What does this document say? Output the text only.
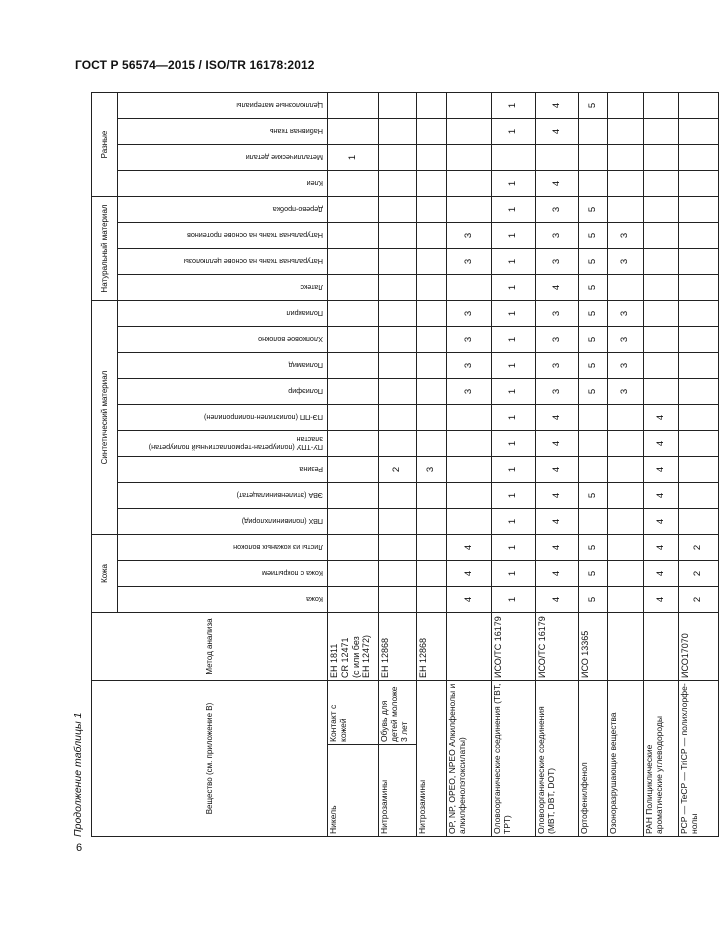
ГОСТ Р 56574—2015 / ISO/TR 16178:2012
6
Продолжение таблицы 1	Вещество (см. приложение В)		Метод анализа	Кожа			Синтетический материал									Натуральный материал				Разные			

			Кожа	Кожа с покрытием	Листы из кожаных волокон	ПВХ (поливинилхлорид)	ЭВА (этиленвинилацетат)	Резина	ПУ-ТПУ (полиуретан-термопластичный полиуретан) эластан	ПЭ-ПП (полиэтилен-полипропилен)	Полиэфир	Полиамид	Хлопковое волокно	Полиакрил	Латекс	Натуральная ткань на основе целлюлозы	Натуральная ткань на основе протеинов	Дерево-пробка	Клеи	Металлические детали	Набивная ткань	Целлюлозные материалы

Никель	Контакт с кожей	ЕН 1811
CR 12471
(с или без
ЕН 12472)																		1		
Нитрозамины	Обувь для детей моложе 3 лет	ЕН 12868						2														
Нитрозамины		ЕН 12868						3														
OP, NP, OPEO, NPEO Алкилфенолы и алкилфенолэтоксилаты)			4	4	4						3	3	3	3		3	3					
Оловоорганические соединения (TBT, TPT)		ИСО/ТС 16179	1	1	1	1	1	1	1	1	1	1	1	1	1	1	1	1	1		1	1
Оловоорганические соединения (MBT, DBT, DOT)		ИСО/ТС 16179	4	4	4	4	4	4	4	4	3	3	3	3	4	3	3	3	4		4	4
Ортофенилфенол		ИСО 13365	5	5	5		5				5	5	5	5	5	5	5	5				5
Озоноразрушающие вещества											3	3	3	3		3	3					
PAH Полициклические ароматические углеводороды			4	4	4	4	4	4	4	4												
PCP — TeCP — TriCP — полихлорфе- нолы		ИСО17070	2	2	2																	
